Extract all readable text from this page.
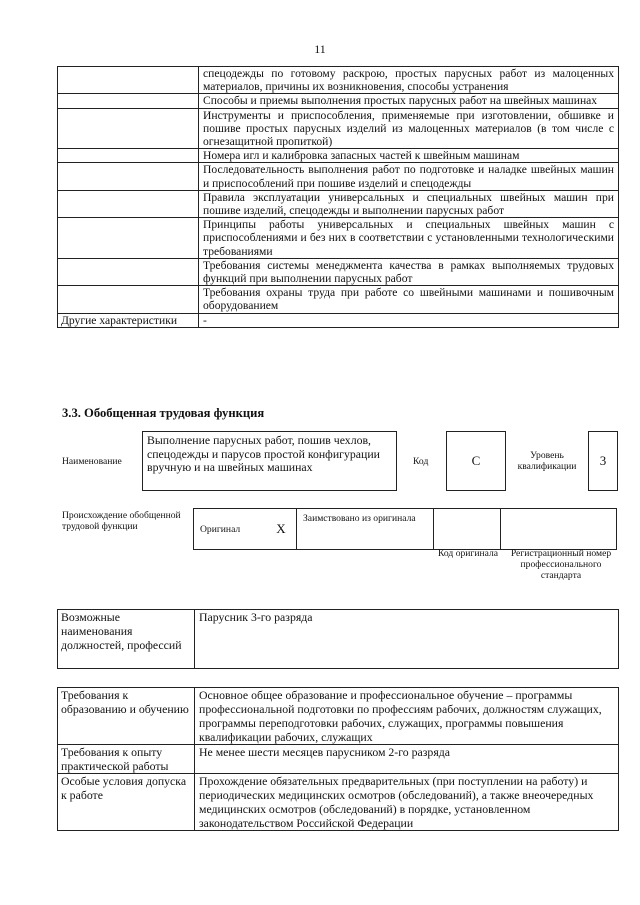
11
	спецодежды по готовому раскрою, простых парусных работ из малоценных материалов, причины их возникновения, способы устранения
	Способы и приемы выполнения простых парусных работ на швейных машинах
	Инструменты и приспособления, применяемые при изготовлении, обшивке и пошиве простых парусных изделий из малоценных материалов (в том числе с огнезащитной пропиткой)
	Номера игл и калибровка запасных частей к швейным машинам
	Последовательность выполнения работ по подготовке и наладке швейных машин и приспособлений при пошиве изделий и спецодежды
	Правила эксплуатации универсальных и специальных швейных машин при пошиве изделий, спецодежды и выполнении парусных работ
	Принципы работы универсальных и специальных швейных машин с приспособлениями и без них в соответствии с установленными технологическими требованиями
	Требования системы менеджмента качества в рамках выполняемых трудовых функций при выполнении парусных работ
	Требования охраны труда при работе со швейными машинами и пошивочным оборудованием
Другие характеристики	-
3.3. Обобщенная трудовая функция
Наименование
Выполнение парусных работ, пошив чехлов, спецодежды и парусов простой конфигурации вручную и на швейных машинах	Код	С	Уровень квалификации	3
Происхождение обобщенной трудовой функции	Оригинал	Х	Заимствовано из оригинала		
Код оригинала	Регистрационный номер профессионального стандарта
Возможные наименования должностей, профессий	Парусник 3-го разряда
Требования к образованию и обучению	Основное общее образование и профессиональное обучение – программы профессиональной подготовки по профессиям рабочих, должностям служащих, программы переподготовки рабочих, служащих, программы повышения квалификации рабочих, служащих
Требования к опыту практической работы	Не менее шести месяцев парусником 2-го разряда
Особые условия допуска к работе	Прохождение обязательных предварительных (при поступлении на работу) и периодических медицинских осмотров (обследований), а также внеочередных медицинских осмотров (обследований) в порядке, установленном законодательством Российской Федерации
